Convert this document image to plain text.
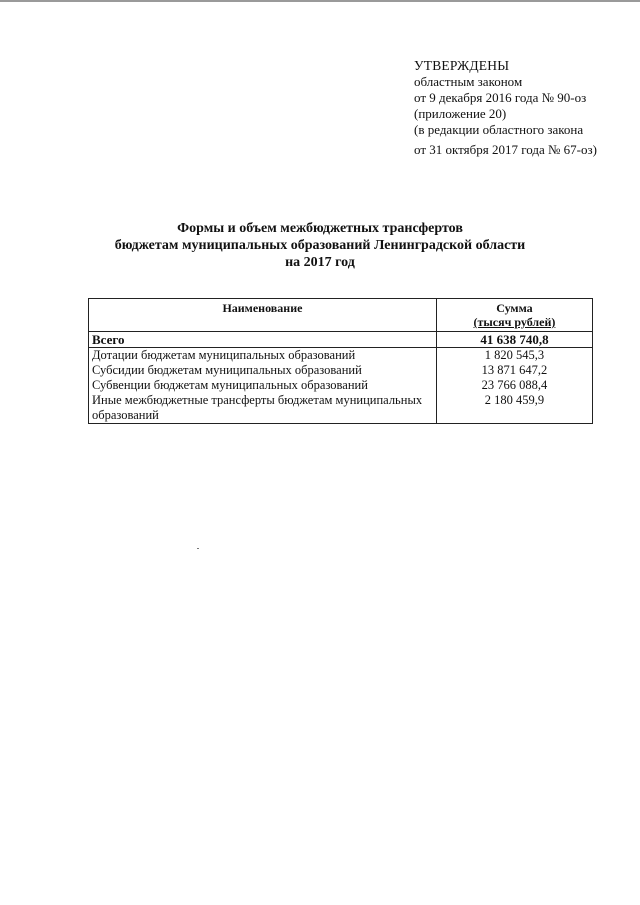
УТВЕРЖДЕНЫ
областным законом
от 9 декабря 2016 года № 90-оз
(приложение 20)
(в редакции областного закона
от 31 октября 2017 года № 67-оз)
Формы и объем межбюджетных трансфертов
бюджетам муниципальных образований Ленинградской области
на 2017 год
Наименование	Сумма
(тысяч рублей)

Всего	41 638 740,8
Дотации бюджетам муниципальных образований	1 820 545,3
Субсидии бюджетам муниципальных образований	13 871 647,2
Субвенции бюджетам муниципальных образований	23 766 088,4
Иные межбюджетные трансферты бюджетам муниципальных образований	2 180 459,9
